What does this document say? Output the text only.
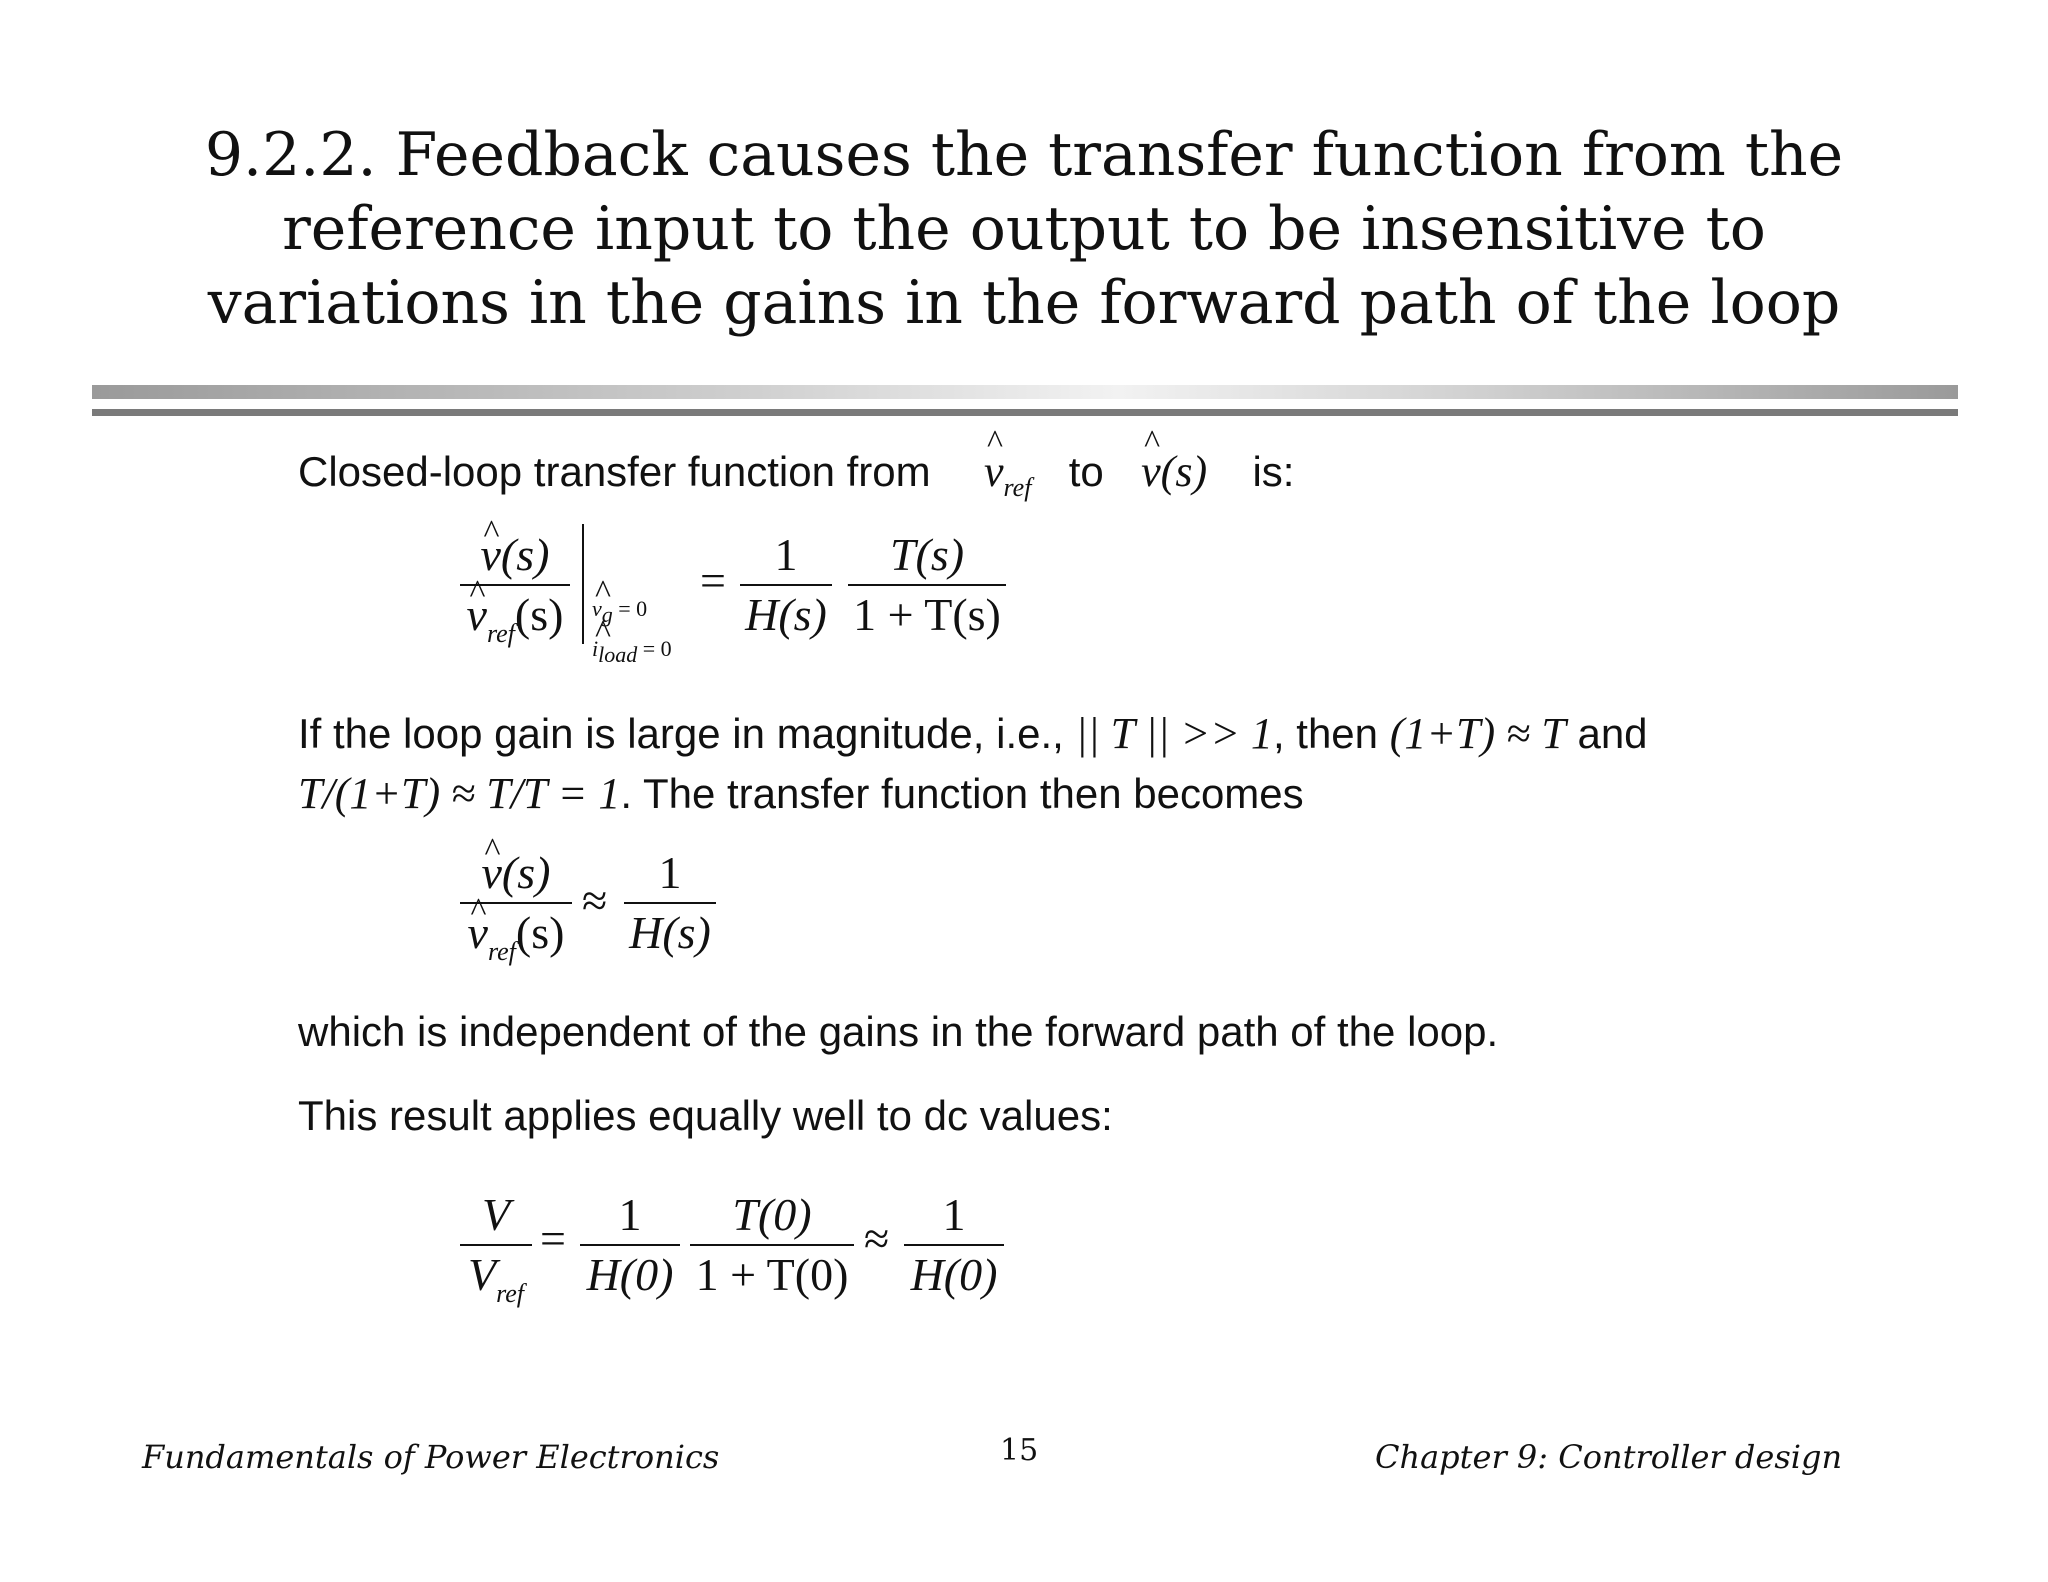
9.2.2. Feedback causes the transfer function from the
reference input to the output to be insensitive to
variations in the gains in the forward path of the loop
Closed-loop transfer function from ^ $v_{ref}$ to ^ v(s) is:
^ v(s)
^ $v_{ref}(s)$ ^ vg = 0
^ iload = 0
=
1
H(s)
T(s)
1 + T(s)
If the loop gain is large in magnitude, i.e., || T || >> 1, then (1+T) ≈ T and
T/(1+T) ≈ T/T = 1. The transfer function then becomes
^ v(s)
^ $v_{ref}(s)$
≈
1
H(s)
which is independent of the gains in the forward path of the loop.
This result applies equally well to dc values:
V
$V_{ref}$
=	1
H(0)
T(0)
1 + T(0)
≈	1
H(0)
Fundamentals of Power Electronics	15	Chapter 9: Controller design
